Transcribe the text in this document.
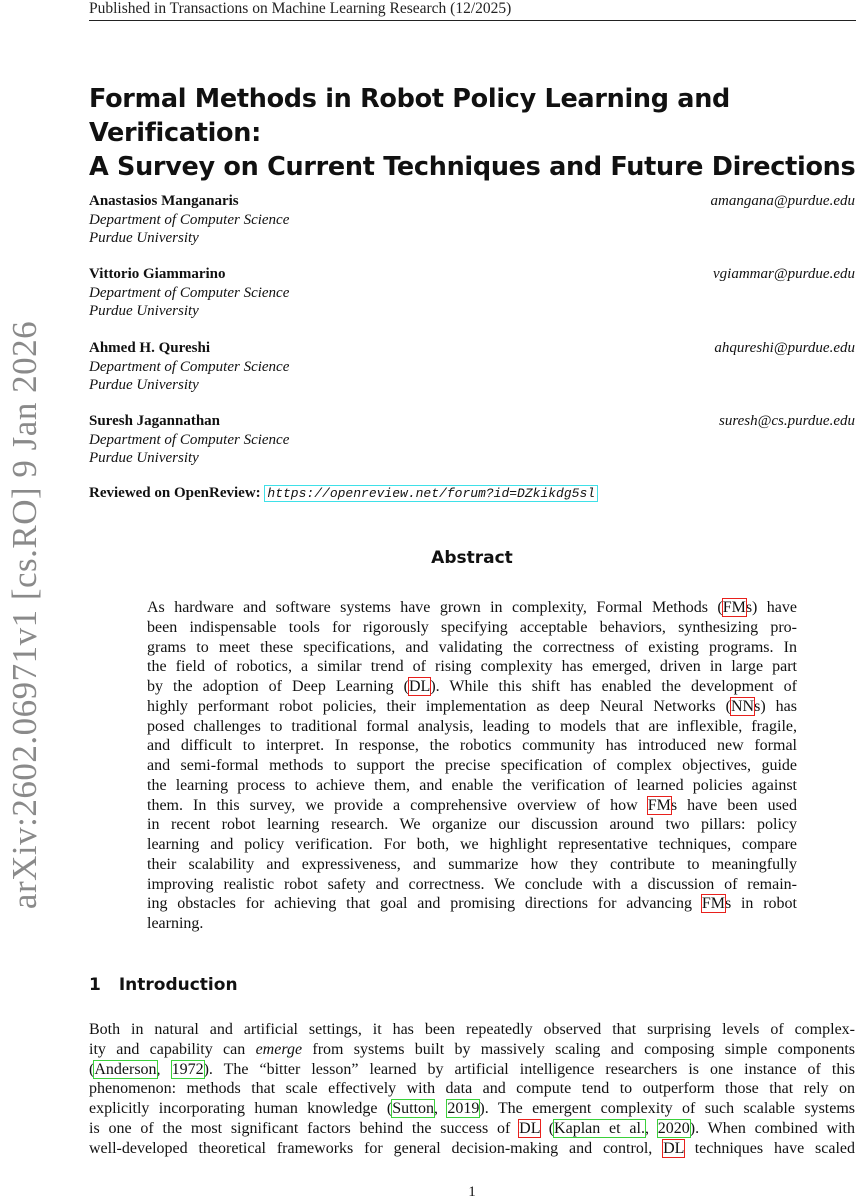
Published in Transactions on Machine Learning Research (12/2025)
Formal Methods in Robot Policy Learning and Verification:
A Survey on Current Techniques and Future Directions
arXiv:2602.06971v1 [cs.RO] 9 Jan 2026
Anastasios Manganaris	amangana@purdue.edu
Department of Computer Science
Purdue University
Vittorio Giammarino	vgiammar@purdue.edu
Department of Computer Science
Purdue University
Ahmed H. Qureshi	ahqureshi@purdue.edu
Department of Computer Science
Purdue University
Suresh Jagannathan	suresh@cs.purdue.edu
Department of Computer Science
Purdue University
Reviewed on OpenReview: https://openreview.net/forum?id=DZkikdg5sl
Abstract
As hardware and software systems have grown in complexity, Formal Methods (FMs) have
been indispensable tools for rigorously specifying acceptable behaviors, synthesizing pro-
grams to meet these specifications, and validating the correctness of existing programs. In
the field of robotics, a similar trend of rising complexity has emerged, driven in large part
by the adoption of Deep Learning (DL). While this shift has enabled the development of
highly performant robot policies, their implementation as deep Neural Networks (NNs) has
posed challenges to traditional formal analysis, leading to models that are inflexible, fragile,
and difficult to interpret. In response, the robotics community has introduced new formal
and semi-formal methods to support the precise specification of complex objectives, guide
the learning process to achieve them, and enable the verification of learned policies against
them. In this survey, we provide a comprehensive overview of how FMs have been used
in recent robot learning research. We organize our discussion around two pillars: policy
learning and policy verification. For both, we highlight representative techniques, compare
their scalability and expressiveness, and summarize how they contribute to meaningfully
improving realistic robot safety and correctness. We conclude with a discussion of remain-
ing obstacles for achieving that goal and promising directions for advancing FMs in robot
learning.
1 Introduction
Both in natural and artificial settings, it has been repeatedly observed that surprising levels of complex-
ity and capability can emerge from systems built by massively scaling and composing simple components
(Anderson, 1972). The “bitter lesson” learned by artificial intelligence researchers is one instance of this
phenomenon: methods that scale effectively with data and compute tend to outperform those that rely on
explicitly incorporating human knowledge (Sutton, 2019). The emergent complexity of such scalable systems
is one of the most significant factors behind the success of DL (Kaplan et al., 2020). When combined with
well-developed theoretical frameworks for general decision-making and control, DL techniques have scaled
1
